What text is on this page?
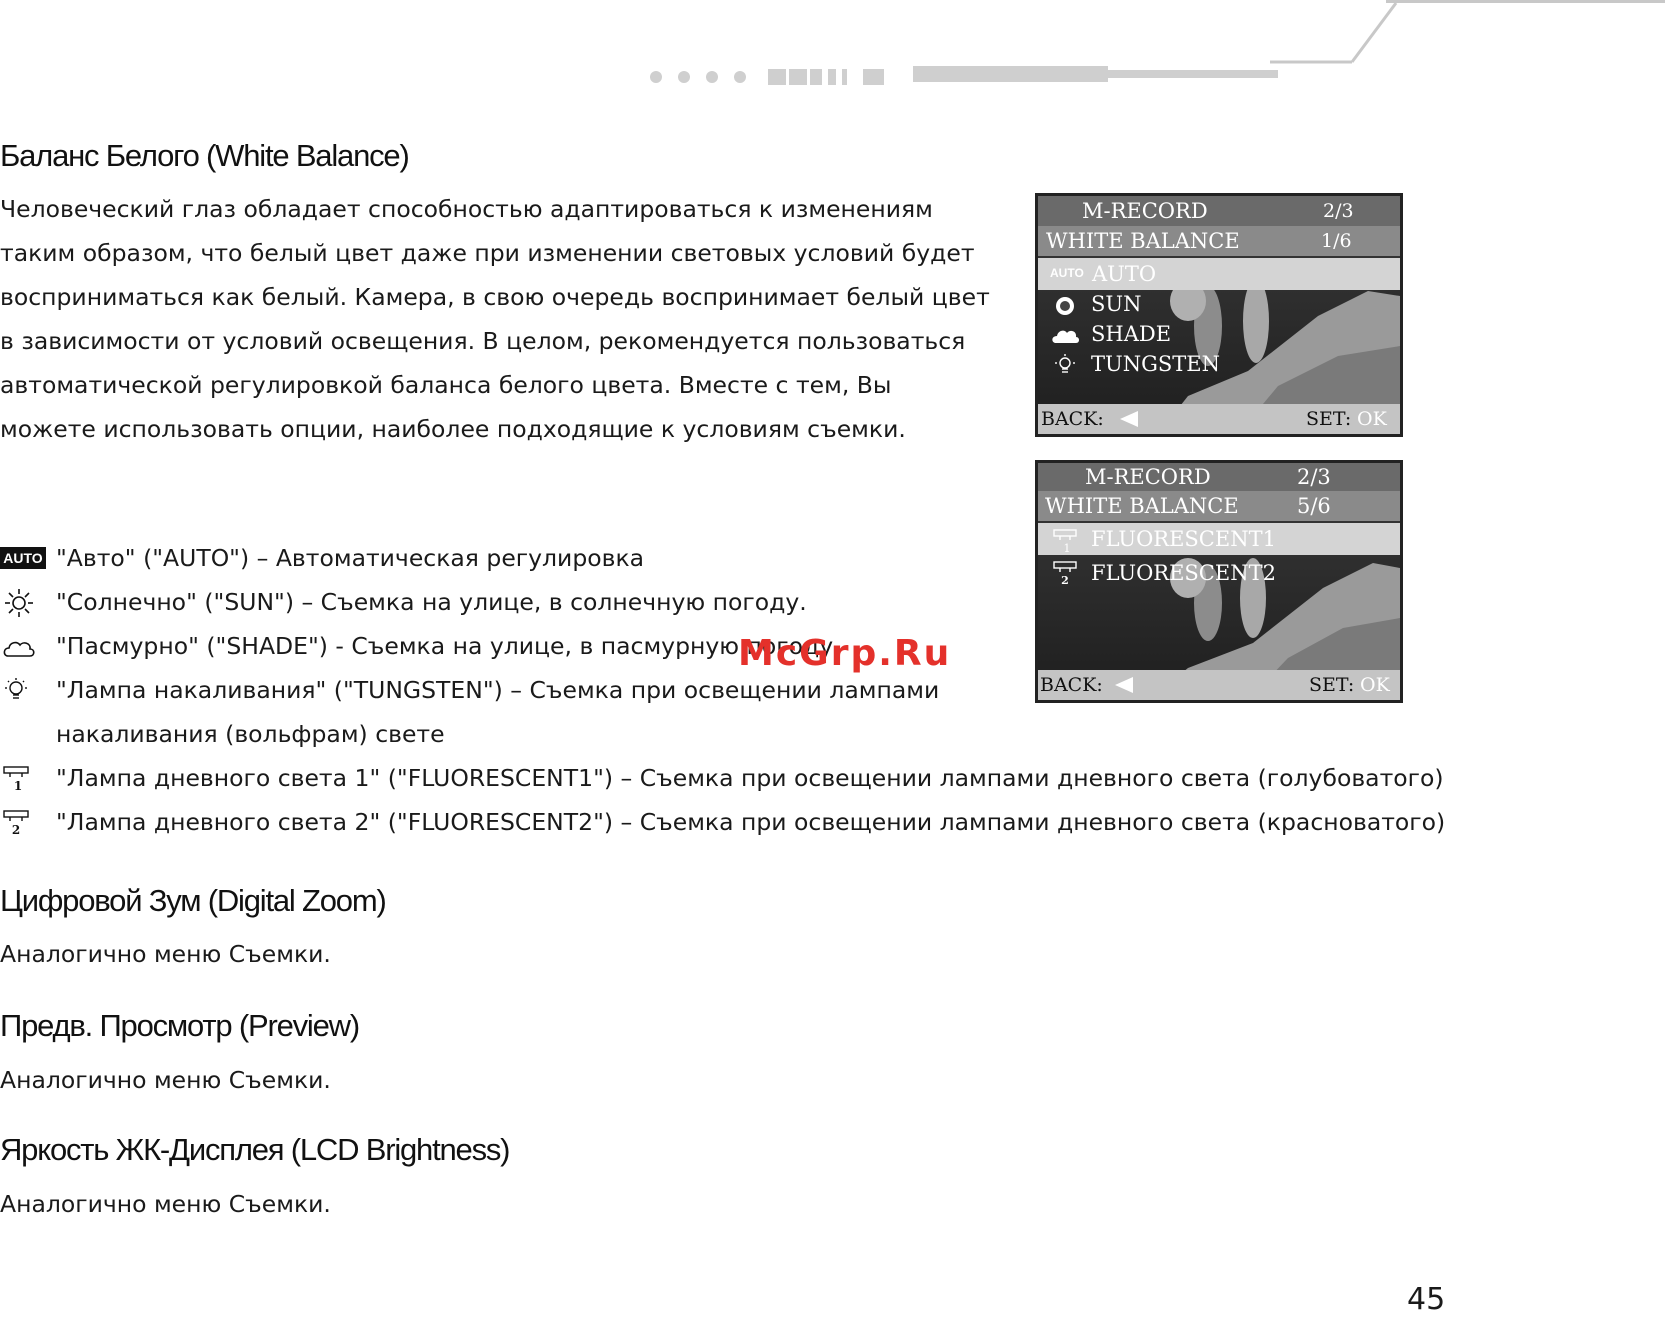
Баланс Белого (White Balance)

Человеческий глаз обладает способностью адаптироваться к изменениям таким образом, что белый цвет даже при изменении световых условий будет восприниматься как белый. Камера, в свою очередь воспринимает белый цвет в зависимости от условий освещения. В целом, рекомендуется пользоваться автоматической регулировкой баланса белого цвета. Вместе с тем, Вы можете использовать опции, наиболее подходящие к условиям съемки.

AUTO "Авто" ("AUTO") – Автоматическая регулировка
"Солнечно" ("SUN") – Съемка на улице, в солнечную погоду.
"Пасмурно" ("SHADE") - Съемка на улице, в пасмурную погоду
"Лампа накаливания" ("TUNGSTEN") – Съемка при освещении лампами
накаливания (вольфрам) свете
1 "Лампа дневного света 1" ("FLUORESCENT1") – Съемка при освещении лампами дневного света (голубоватого)
2 "Лампа дневного света 2" ("FLUORESCENT2") – Съемка при освещении лампами дневного света (красноватого)
M-RECORD	2/3
WHITE BALANCE	1/6
AUTO AUTO
SUN
SHADE
TUNGSTEN
BACK:	SET: OK
M-RECORD	2/3
WHITE BALANCE	5/6
1 FLUORESCENT1
2 FLUORESCENT2
BACK:	SET: OK
McGrp.Ru
Цифровой Зум (Digital Zoom)
Аналогично меню Съемки.
Предв. Просмотр (Preview)
Аналогично меню Съемки.
Яркость ЖК-Дисплея (LCD Brightness)
Аналогично меню Съемки.
45
